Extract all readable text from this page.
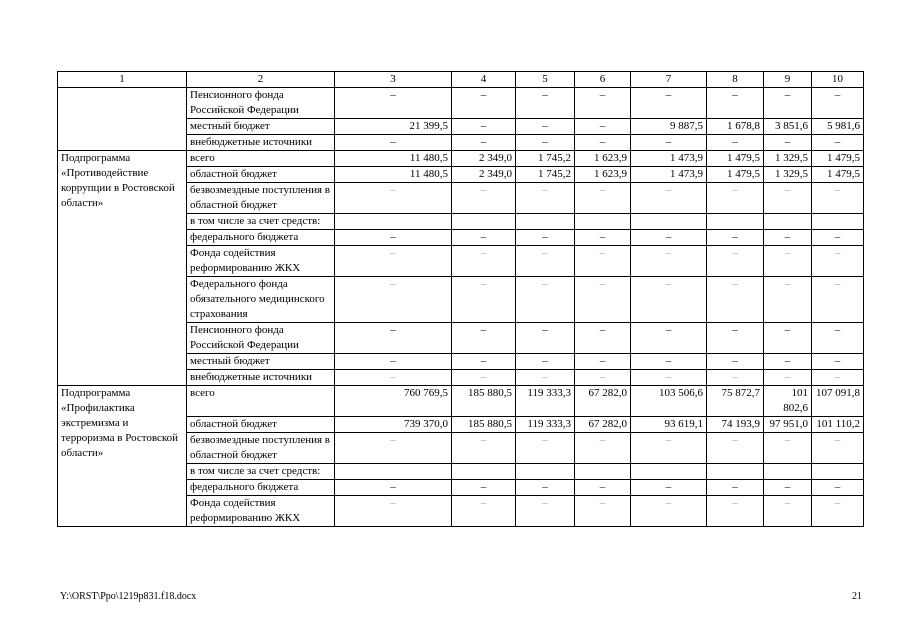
1	2	3	4	5	6	7	8	9	10
	Пенсионного фонда Российской Федерации	–	–	–	–	–	–	–	–
	местный бюджет	21 399,5	–	–	–	9 887,5	1 678,8	3 851,6	5 981,6
	внебюджетные источники	–	–	–	–	–	–	–	–
Подпрограмма «Противодействие коррупции в Ростовской области»	всего	11 480,5	2 349,0	1 745,2	1 623,9	1 473,9	1 479,5	1 329,5	1 479,5
	областной бюджет	11 480,5	2 349,0	1 745,2	1 623,9	1 473,9	1 479,5	1 329,5	1 479,5
	безвозмездные поступления в областной бюджет	–	–	–	–	–	–	–	–
	в том числе за счет средств:								
	федерального бюджета	–	–	–	–	–	–	–	–
	Фонда содействия реформированию ЖКХ	–	–	–	–	–	–	–	–
	Федерального фонда обязательного медицинского страхования	–	–	–	–	–	–	–	–
	Пенсионного фонда Российской Федерации	–	–	–	–	–	–	–	–
	местный бюджет	–	–	–	–	–	–	–	–
	внебюджетные источники	–	–	–	–	–	–	–	–
Подпрограмма «Профилактика экстремизма и терроризма в Ростовской области»	всего	760 769,5	185 880,5	119 333,3	67 282,0	103 506,6	75 872,7	101 802,6	107 091,8
	областной бюджет	739 370,0	185 880,5	119 333,3	67 282,0	93 619,1	74 193,9	97 951,0	101 110,2
	безвозмездные поступления в областной бюджет	–	–	–	–	–	–	–	–
	в том числе за счет средств:								
	федерального бюджета	–	–	–	–	–	–	–	–
	Фонда содействия реформированию ЖКХ	–	–	–	–	–	–	–	–
Y:\ORST\Ppo\1219p831.f18.docx	21
